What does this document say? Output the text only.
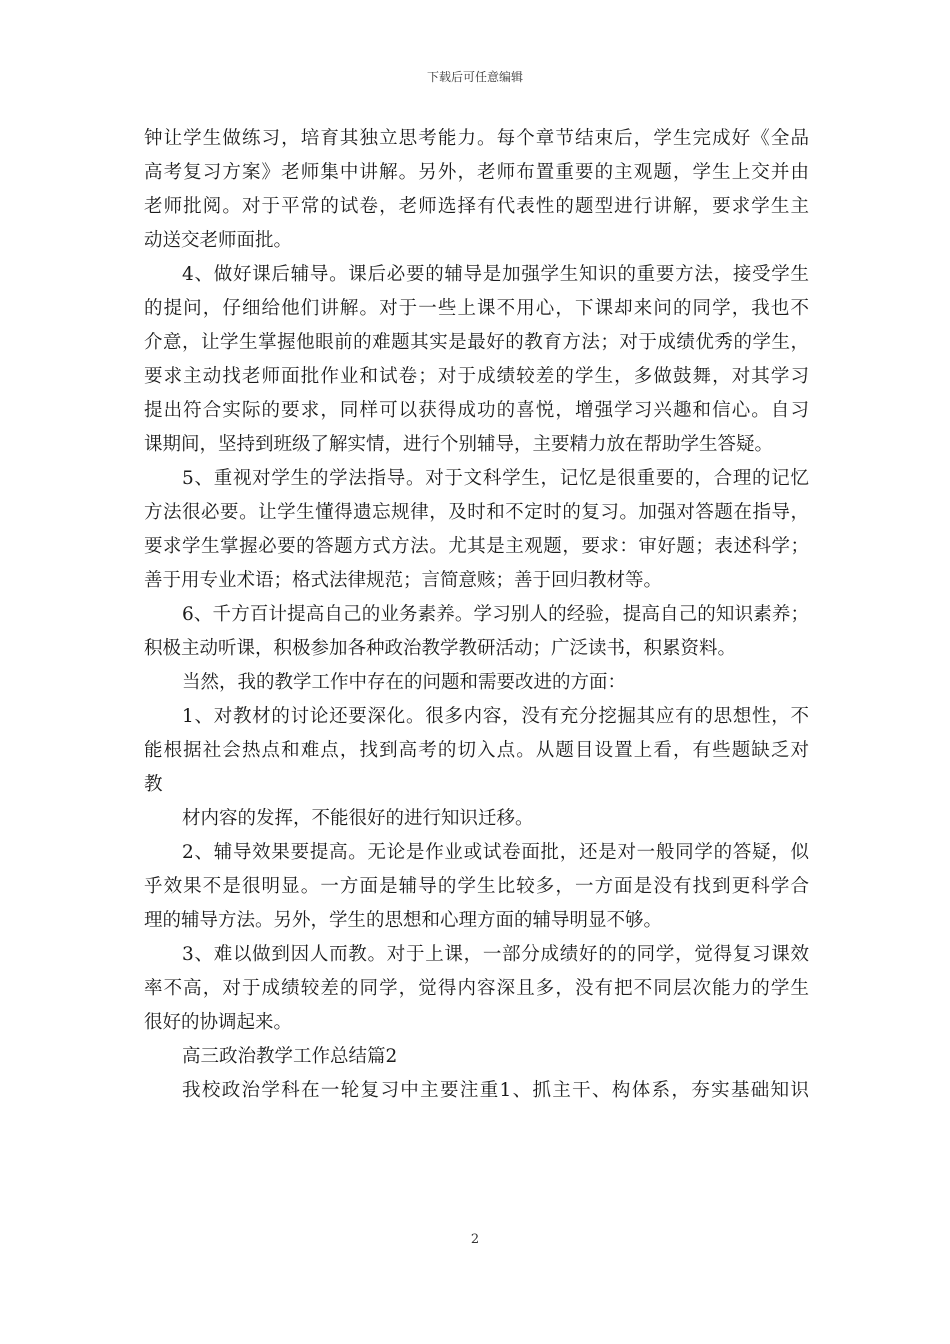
下载后可任意编辑

钟让学生做练习，培育其独立思考能力。每个章节结束后，学生完成好《全品

高考复习方案》老师集中讲解。另外，老师布置重要的主观题，学生上交并由

老师批阅。对于平常的试卷，老师选择有代表性的题型进行讲解，要求学生主

动送交老师面批。

4、做好课后辅导。课后必要的辅导是加强学生知识的重要方法，接受学生

的提问，仔细给他们讲解。对于一些上课不用心，下课却来问的同学，我也不

介意，让学生掌握他眼前的难题其实是最好的教育方法；对于成绩优秀的学生，

要求主动找老师面批作业和试卷；对于成绩较差的学生，多做鼓舞，对其学习

提出符合实际的要求，同样可以获得成功的喜悦，增强学习兴趣和信心。自习

课期间，坚持到班级了解实情，进行个别辅导，主要精力放在帮助学生答疑。

5、重视对学生的学法指导。对于文科学生，记忆是很重要的，合理的记忆

方法很必要。让学生懂得遗忘规律，及时和不定时的复习。加强对答题在指导，

要求学生掌握必要的答题方式方法。尤其是主观题，要求：审好题；表述科学；

善于用专业术语；格式法律规范；言简意赅；善于回归教材等。

6、千方百计提高自己的业务素养。学习别人的经验，提高自己的知识素养；

积极主动听课，积极参加各种政治教学教研活动；广泛读书，积累资料。

当然，我的教学工作中存在的问题和需要改进的方面：

1、对教材的讨论还要深化。很多内容，没有充分挖掘其应有的思想性，不

能根据社会热点和难点，找到高考的切入点。从题目设置上看，有些题缺乏对

教

材内容的发挥，不能很好的进行知识迁移。

2、辅导效果要提高。无论是作业或试卷面批，还是对一般同学的答疑，似

乎效果不是很明显。一方面是辅导的学生比较多，一方面是没有找到更科学合

理的辅导方法。另外，学生的思想和心理方面的辅导明显不够。

3、难以做到因人而教。对于上课，一部分成绩好的的同学，觉得复习课效

率不高，对于成绩较差的同学，觉得内容深且多，没有把不同层次能力的学生

很好的协调起来。

高三政治教学工作总结篇2

我校政治学科在一轮复习中主要注重1、抓主干、构体系，夯实基础知识

2
